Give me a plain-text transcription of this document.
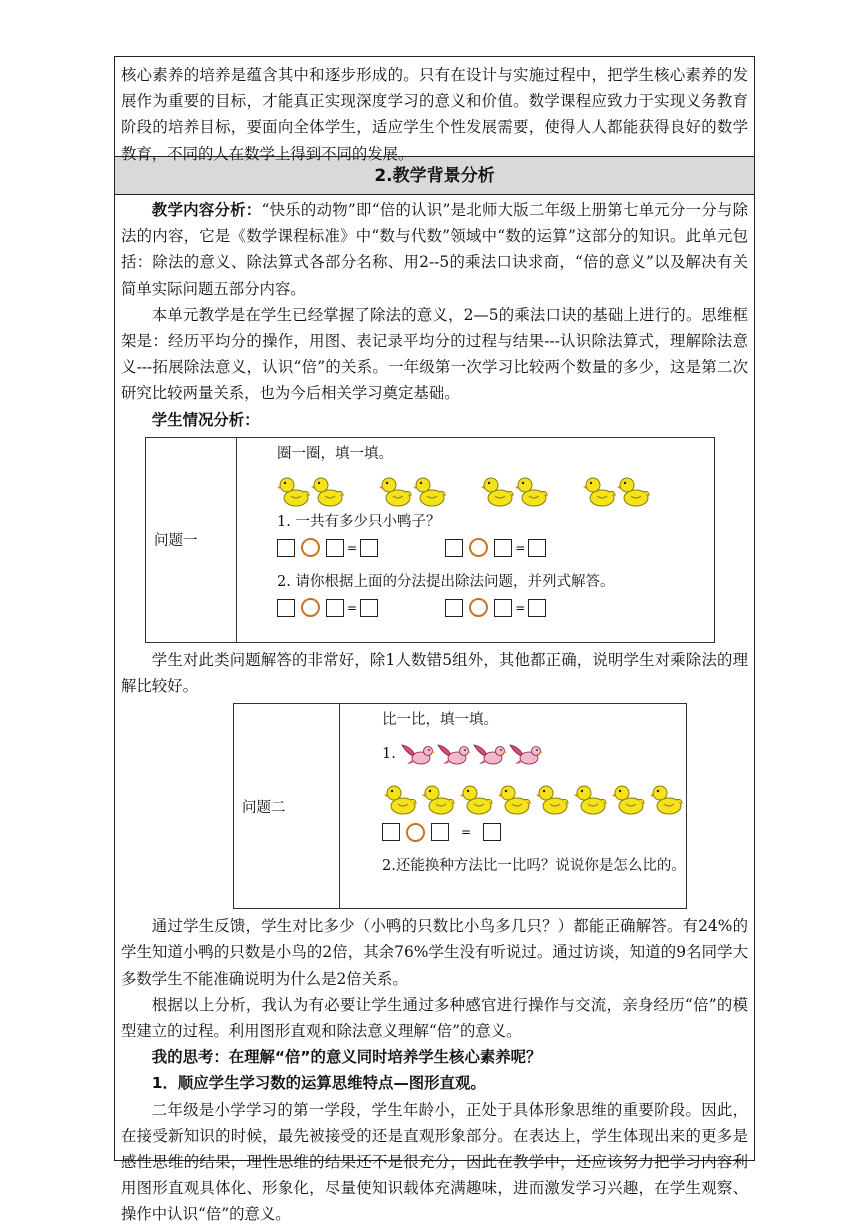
核心素养的培养是蕴含其中和逐步形成的。只有在设计与实施过程中，把学生核心素养的发展作为重要的目标，才能真正实现深度学习的意义和价值。数学课程应致力于实现义务教育阶段的培养目标，要面向全体学生，适应学生个性发展需要，使得人人都能获得良好的数学教育，不同的人在数学上得到不同的发展。

2.教学背景分析

教学内容分析：“快乐的动物”即“倍的认识”是北师大版二年级上册第七单元分一分与除法的内容，它是《数学课程标准》中“数与代数”领域中“数的运算”这部分的知识。此单元包括：除法的意义、除法算式各部分名称、用2--5的乘法口诀求商，“倍的意义”以及解决有关简单实际问题五部分内容。

本单元教学是在学生已经掌握了除法的意义，2—5的乘法口诀的基础上进行的。思维框架是：经历平均分的操作，用图、表记录平均分的过程与结果---认识除法算式，理解除法意义---拓展除法意义，认识“倍”的关系。一年级第一次学习比较两个数量的多少，这是第二次研究比较两量关系，也为今后相关学习奠定基础。

学生情况分析：

问题一
圈一圈，填一填。
1. 一共有多少只小鸭子？
=	=
2. 请你根据上面的分法提出除法问题，并列式解答。
=	=

学生对此类问题解答的非常好，除1人数错5组外，其他都正确，说明学生对乘除法的理解比较好。

问题二
比一比，填一填。
1.
=
2.还能换种方法比一比吗？说说你是怎么比的。

通过学生反馈，学生对比多少（小鸭的只数比小鸟多几只？）都能正确解答。有24%的学生知道小鸭的只数是小鸟的2倍，其余76%学生没有听说过。通过访谈，知道的9名同学大多数学生不能准确说明为什么是2倍关系。

根据以上分析，我认为有必要让学生通过多种感官进行操作与交流，亲身经历“倍”的模型建立的过程。利用图形直观和除法意义理解“倍”的意义。

我的思考：在理解“倍”的意义同时培养学生核心素养呢？

1．顺应学生学习数的运算思维特点—图形直观。

二年级是小学学习的第一学段，学生年龄小，正处于具体形象思维的重要阶段。因此，在接受新知识的时候，最先被接受的还是直观形象部分。在表达上，学生体现出来的更多是感性思维的结果，理性思维的结果还不是很充分，因此在教学中，还应该努力把学习内容利用图形直观具体化、形象化，尽量使知识载体充满趣味，进而激发学习兴趣，在学生观察、操作中认识“倍”的意义。
